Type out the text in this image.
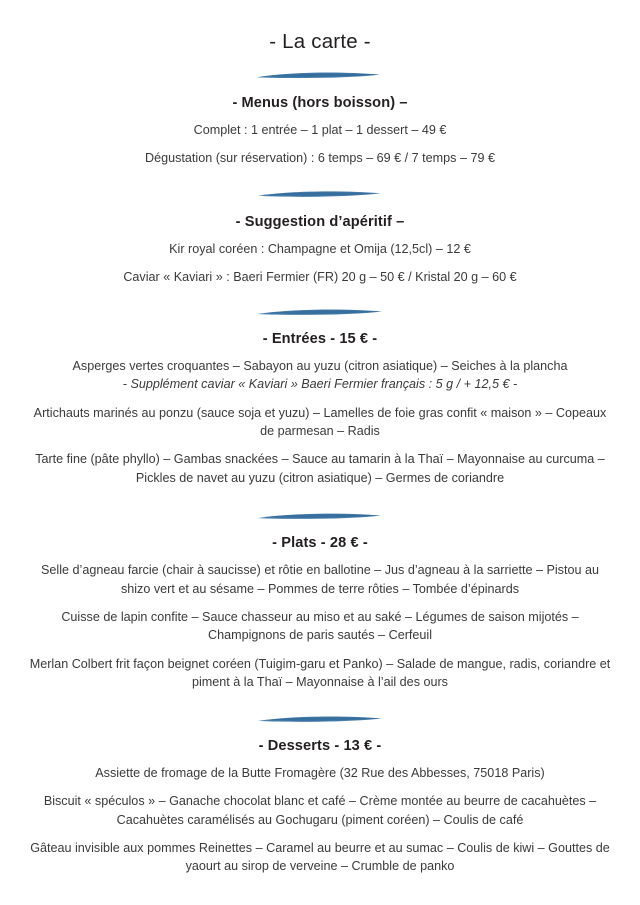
- La carte -
- Menus (hors boisson) –

Complet : 1 entrée – 1 plat – 1 dessert – 49 €

Dégustation (sur réservation) : 6 temps – 69 € / 7 temps – 79 €

- Suggestion d’apéritif –

Kir royal coréen : Champagne et Omija (12,5cl) – 12 €

Caviar « Kaviari » : Baeri Fermier (FR) 20 g – 50 € / Kristal 20 g – 60 €

- Entrées - 15 € -

Asperges vertes croquantes – Sabayon au yuzu (citron asiatique) – Seiches à la plancha
- Supplément caviar « Kaviari » Baeri Fermier français : 5 g / + 12,5 € -

Artichauts marinés au ponzu (sauce soja et yuzu) – Lamelles de foie gras confit « maison » – Copeaux de parmesan – Radis

Tarte fine (pâte phyllo) – Gambas snackées – Sauce au tamarin à la Thaï – Mayonnaise au curcuma – Pickles de navet au yuzu (citron asiatique) – Germes de coriandre

- Plats - 28 € -

Selle d’agneau farcie (chair à saucisse) et rôtie en ballotine – Jus d’agneau à la sarriette – Pistou au shizo vert et au sésame – Pommes de terre rôties – Tombée d’épinards

Cuisse de lapin confite – Sauce chasseur au miso et au saké – Légumes de saison mijotés – Champignons de paris sautés – Cerfeuil

Merlan Colbert frit façon beignet coréen (Tuigim-garu et Panko) – Salade de mangue, radis, coriandre et piment à la Thaï – Mayonnaise à l’ail des ours

- Desserts - 13 € -

Assiette de fromage de la Butte Fromagère (32 Rue des Abbesses, 75018 Paris)

Biscuit « spéculos » – Ganache chocolat blanc et café – Crème montée au beurre de cacahuètes – Cacahuètes caramélisés au Gochugaru (piment coréen) – Coulis de café

Gâteau invisible aux pommes Reinettes – Caramel au beurre et au sumac – Coulis de kiwi – Gouttes de yaourt au sirop de verveine – Crumble de panko
